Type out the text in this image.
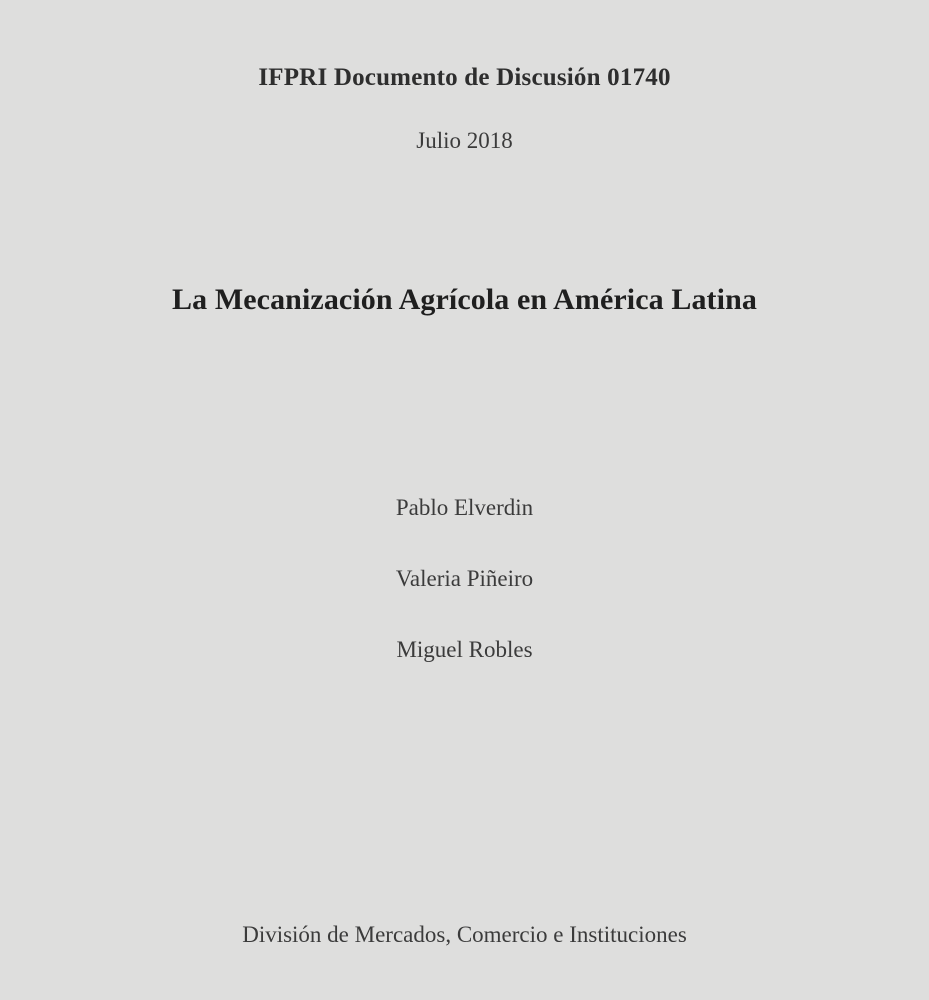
IFPRI Documento de Discusión 01740
Julio 2018
La Mecanización Agrícola en América Latina
Pablo Elverdin
Valeria Piñeiro
Miguel Robles
División de Mercados, Comercio e Instituciones
